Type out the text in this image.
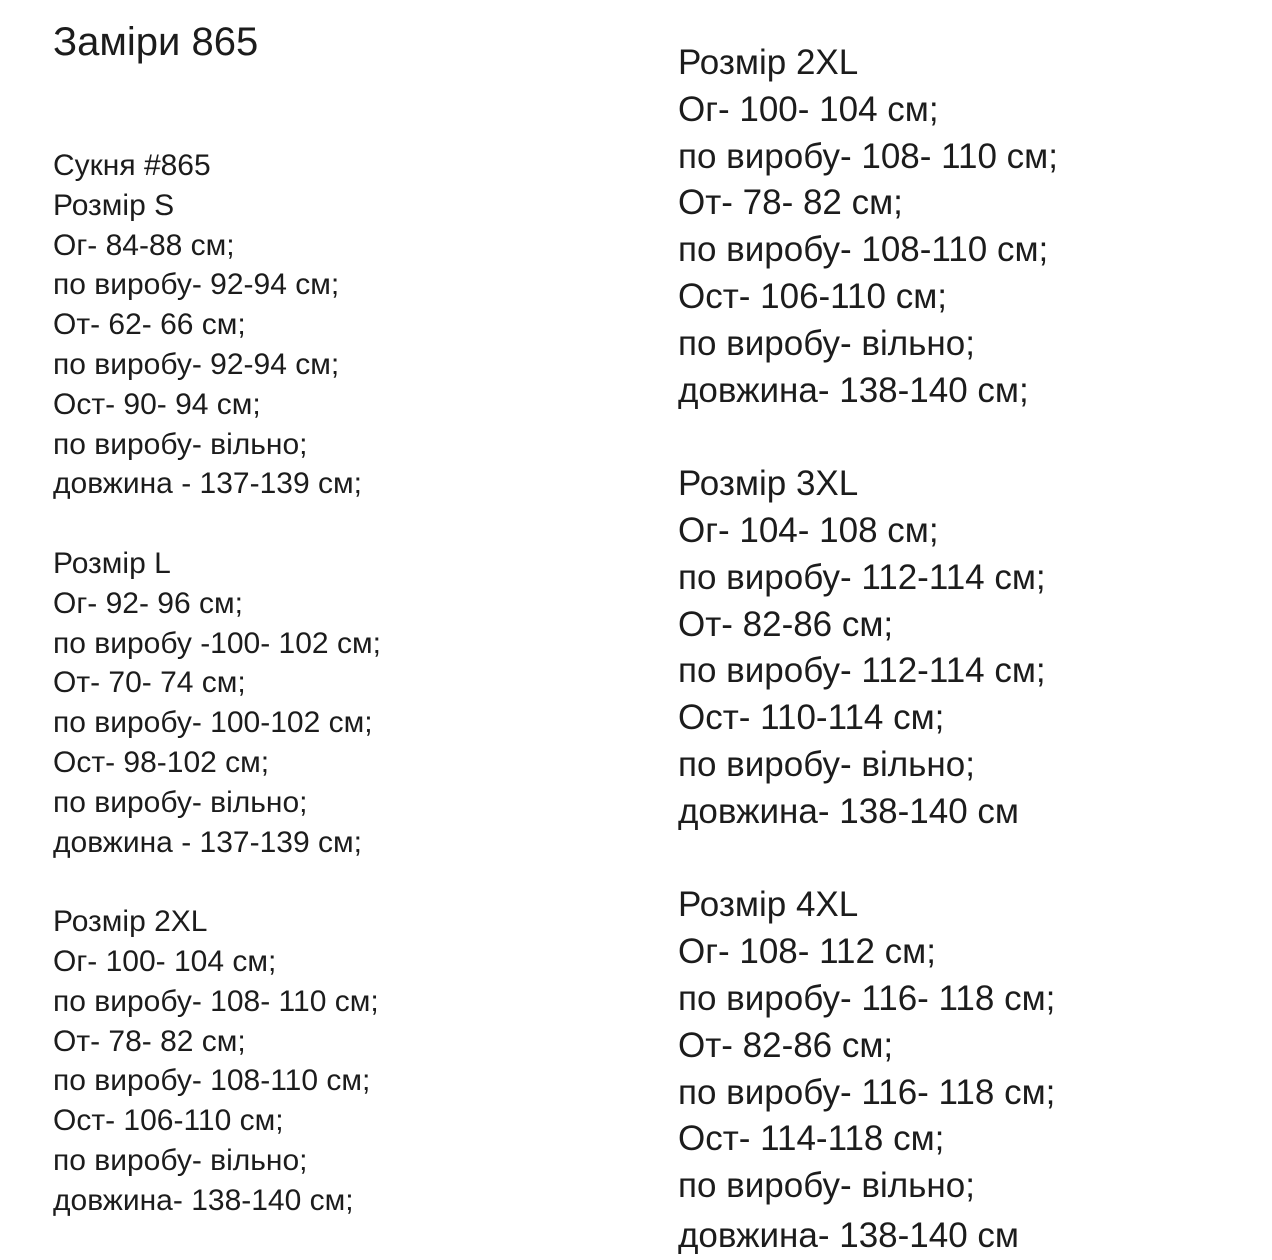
Заміри 865
Сукня #865
Розмір S
Ог- 84-88 см;
по виробу- 92-94 см;
От- 62- 66 см;
по виробу- 92-94 см;
Ост- 90- 94 см;
по виробу- вільно;
довжина - 137-139 см;
Розмір L
Ог- 92- 96 см;
по виробу -100- 102 см;
От- 70- 74 см;
по виробу- 100-102 см;
Ост- 98-102 см;
по виробу- вільно;
довжина - 137-139 см;
Розмір 2XL
Ог- 100- 104 см;
по виробу- 108- 110 см;
От- 78- 82 см;
по виробу- 108-110 см;
Ост- 106-110 см;
по виробу- вільно;
довжина- 138-140 см;
Розмір 2XL
Ог- 100- 104 см;
по виробу- 108- 110 см;
От- 78- 82 см;
по виробу- 108-110 см;
Ост- 106-110 см;
по виробу- вільно;
довжина- 138-140 см;
Розмір 3XL
Ог- 104- 108 см;
по виробу- 112-114 см;
От- 82-86 см;
по виробу- 112-114 см;
Ост- 110-114 см;
по виробу- вільно;
довжина- 138-140 см
Розмір 4XL
Ог- 108- 112 см;
по виробу- 116- 118 см;
От- 82-86 см;
по виробу- 116- 118 см;
Ост- 114-118 см;
по виробу- вільно;
довжина- 138-140 см
